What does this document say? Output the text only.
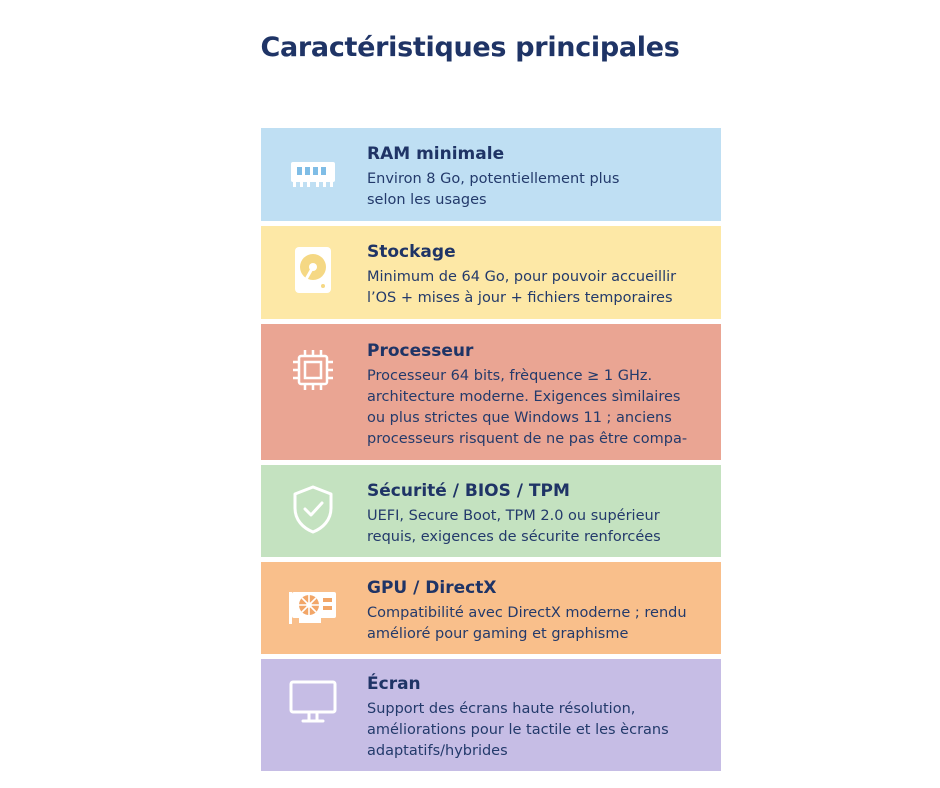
Caractéristiques principales
RAM minimale
Environ 8 Go, potentiellement plus
selon les usages
Stockage
Minimum de 64 Go, pour pouvoir accueillir
l’OS + mises à jour + fichiers temporaires
Processeur
Processeur 64 bits, frèquence ≥ 1 GHz.
architecture moderne. Exigences sìmilaires
ou plus strictes que Windows 11 ; anciens
processeurs risquent de ne pas être compa-
Sécurité / BIOS / TPM
UEFI, Secure Boot, TPM 2.0 ou supérieur
requis, exigences de sécurite renforcées
GPU / DirectX
Compatibilité avec DirectX moderne ; rendu
amélioré pour gaming et graphisme
Écran
Support des écrans haute résolution,
améliorations pour le tactile et les ècrans
adaptatifs/hybrides
